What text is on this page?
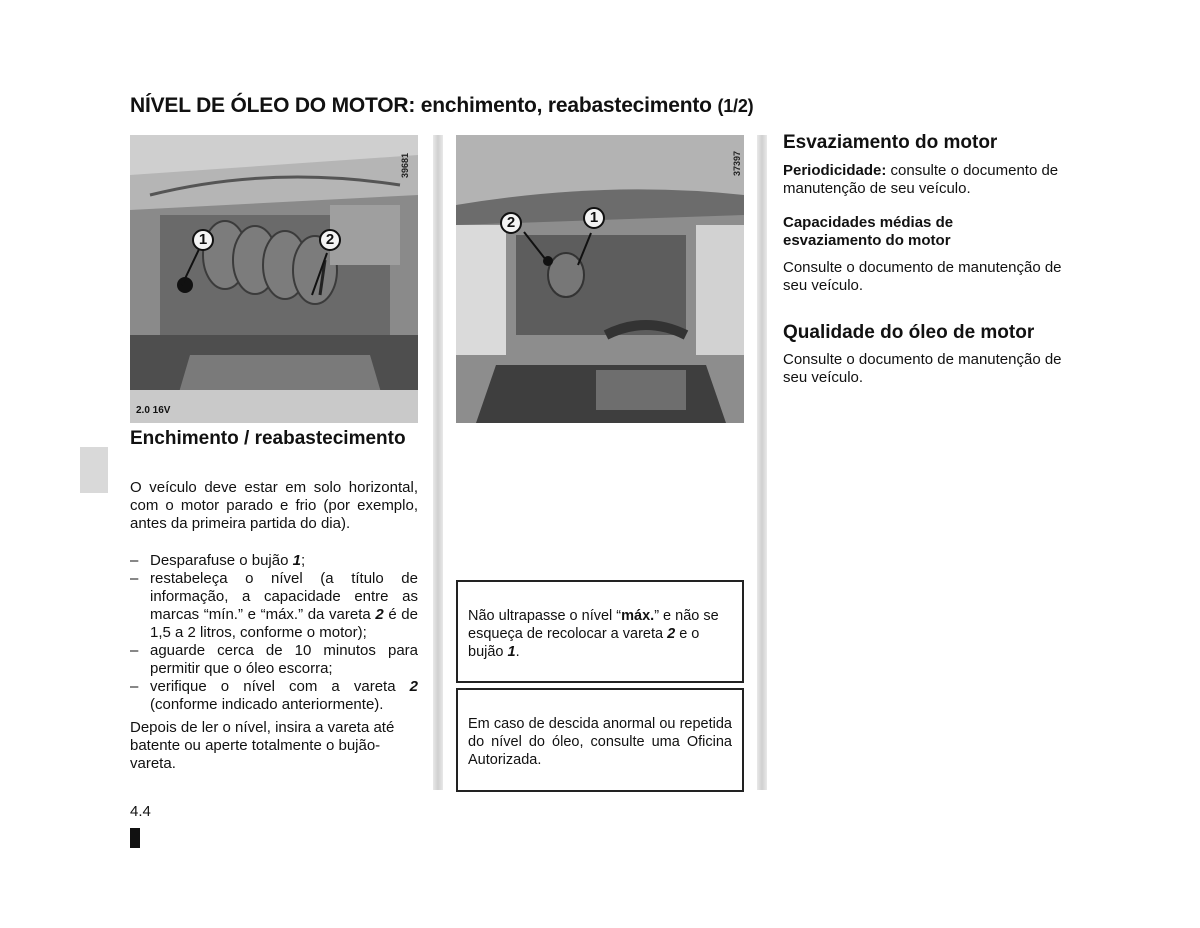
NÍVEL DE ÓLEO DO MOTOR: enchimento, reabastecimento (1/2)
1	2
2.0 16V
39681
2	1
37397
Enchimento / reabastecimento

O veículo deve estar em solo horizontal, com o motor parado e frio (por exemplo, antes da primeira partida do dia).

– Desparafuse o bujão 1;
– restabeleça o nível (a título de informação, a capacidade entre as marcas “mín.” e “máx.” da vareta 2 é de 1,5 a 2 litros, conforme o motor);
– aguarde cerca de 10 minutos para permitir que o óleo escorra;
– verifique o nível com a vareta 2 (conforme indicado anteriormente).

Depois de ler o nível, insira a vareta até batente ou aperte totalmente o bujão-vareta.

Não ultrapasse o nível “máx.” e não se esqueça de recolocar a vareta 2 e o bujão 1.

Em caso de descida anormal ou repetida do nível do óleo, consulte uma Oficina Autorizada.

Esvaziamento do motor

Periodicidade: consulte o documento de manutenção de seu veículo.

Capacidades médias de esvaziamento do motor

Consulte o documento de manutenção de seu veículo.

Qualidade do óleo de motor

Consulte o documento de manutenção de seu veículo.

4.4
